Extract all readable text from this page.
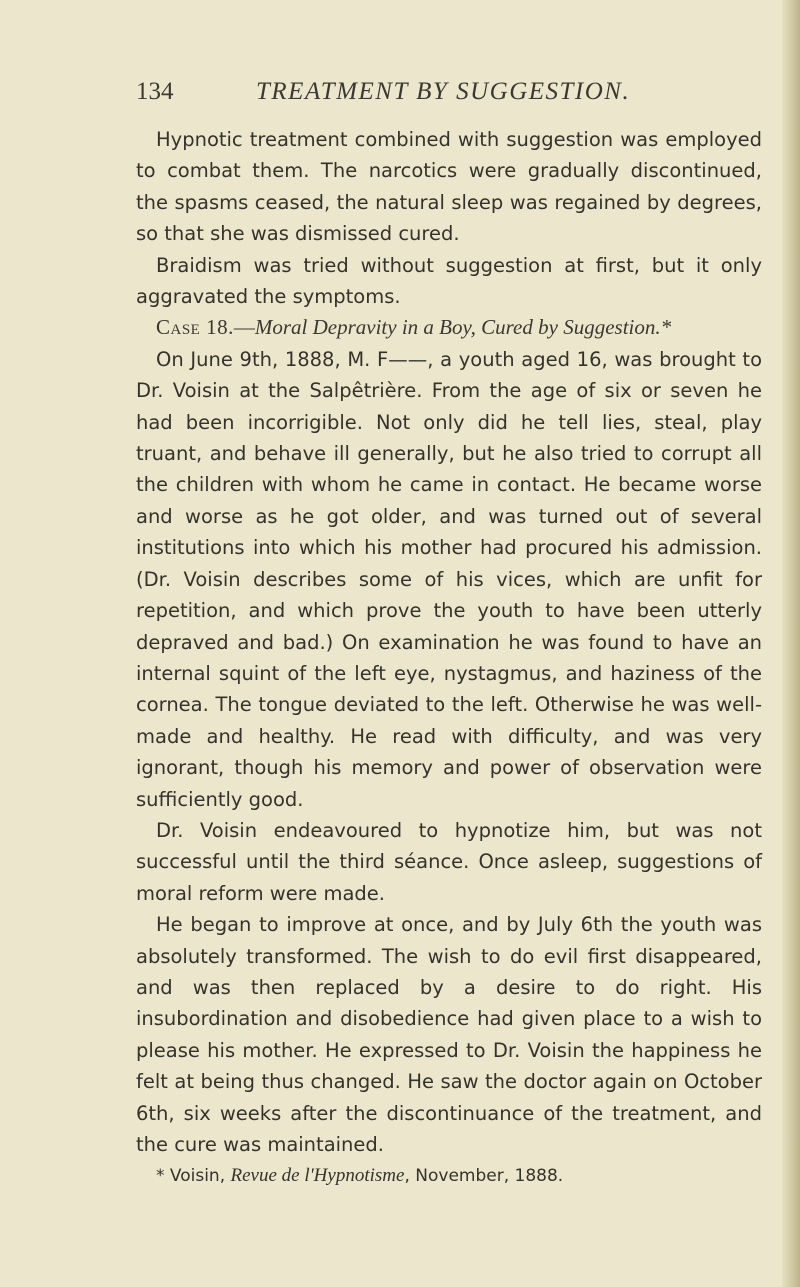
134	TREATMENT BY SUGGESTION.

Hypnotic treatment combined with suggestion was employed to combat them. The narcotics were gradually discontinued, the spasms ceased, the natural sleep was regained by degrees, so that she was dismissed cured.

Braidism was tried without suggestion at first, but it only aggravated the symptoms.

Case 18.—Moral Depravity in a Boy, Cured by Suggestion.*

On June 9th, 1888, M. F——, a youth aged 16, was brought to Dr. Voisin at the Salpêtrière. From the age of six or seven he had been incorrigible. Not only did he tell lies, steal, play truant, and behave ill generally, but he also tried to corrupt all the children with whom he came in contact. He became worse and worse as he got older, and was turned out of several institutions into which his mother had procured his admission. (Dr. Voisin describes some of his vices, which are unfit for repetition, and which prove the youth to have been utterly depraved and bad.) On examination he was found to have an internal squint of the left eye, nystagmus, and haziness of the cornea. The tongue deviated to the left. Otherwise he was well-made and healthy. He read with difficulty, and was very ignorant, though his memory and power of observation were sufficiently good.

Dr. Voisin endeavoured to hypnotize him, but was not successful until the third séance. Once asleep, suggestions of moral reform were made.

He began to improve at once, and by July 6th the youth was absolutely transformed. The wish to do evil first disappeared, and was then replaced by a desire to do right. His insubordination and disobedience had given place to a wish to please his mother. He expressed to Dr. Voisin the happiness he felt at being thus changed. He saw the doctor again on October 6th, six weeks after the discontinuance of the treatment, and the cure was maintained.

* Voisin, Revue de l'Hypnotisme, November, 1888.
